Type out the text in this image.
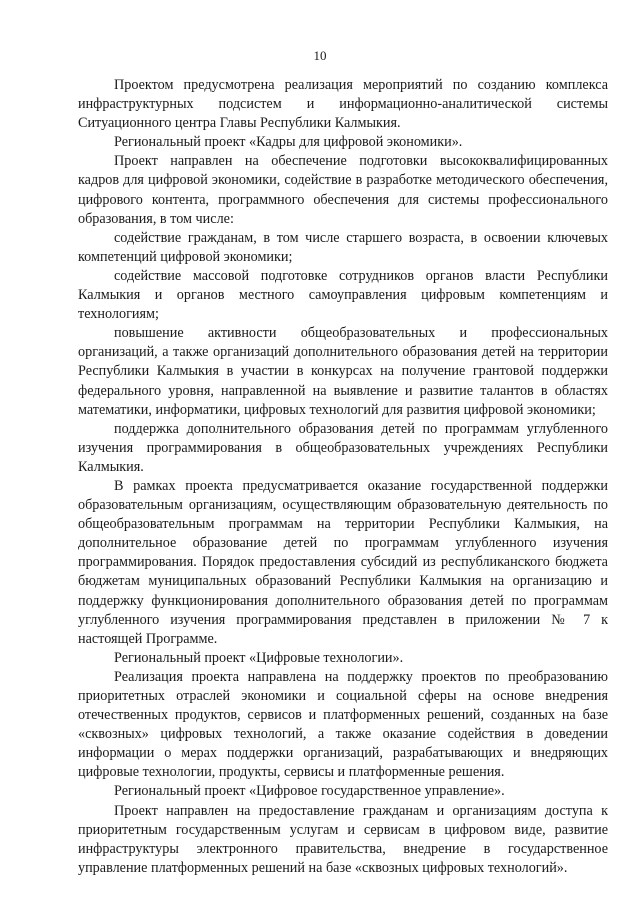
10

Проектом предусмотрена реализация мероприятий по созданию комплекса инфраструктурных подсистем и информационно-аналитической системы Ситуационного центра Главы Республики Калмыкия.

Региональный проект «Кадры для цифровой экономики».

Проект направлен на обеспечение подготовки высококвалифицированных кадров для цифровой экономики, содействие в разработке методического обеспечения, цифрового контента, программного обеспечения для системы профессионального образования, в том числе:

содействие гражданам, в том числе старшего возраста, в освоении ключевых компетенций цифровой экономики;

содействие массовой подготовке сотрудников органов власти Республики Калмыкия и органов местного самоуправления цифровым компетенциям и технологиям;

повышение активности общеобразовательных и профессиональных организаций, а также организаций дополнительного образования детей на территории Республики Калмыкия в участии в конкурсах на получение грантовой поддержки федерального уровня, направленной на выявление и развитие талантов в областях математики, информатики, цифровых технологий для развития цифровой экономики;

поддержка дополнительного образования детей по программам углубленного изучения программирования в общеобразовательных учреждениях Республики Калмыкия.

В рамках проекта предусматривается оказание государственной поддержки образовательным организациям, осуществляющим образовательную деятельность по общеобразовательным программам на территории Республики Калмыкия, на дополнительное образование детей по программам углубленного изучения программирования. Порядок предоставления субсидий из республиканского бюджета бюджетам муниципальных образований Республики Калмыкия на организацию и поддержку функционирования дополнительного образования детей по программам углубленного изучения программирования представлен в приложении № 7 к настоящей Программе.

Региональный проект «Цифровые технологии».

Реализация проекта направлена на поддержку проектов по преобразованию приоритетных отраслей экономики и социальной сферы на основе внедрения отечественных продуктов, сервисов и платформенных решений, созданных на базе «сквозных» цифровых технологий, а также оказание содействия в доведении информации о мерах поддержки организаций, разрабатывающих и внедряющих цифровые технологии, продукты, сервисы и платформенные решения.

Региональный проект «Цифровое государственное управление».

Проект направлен на предоставление гражданам и организациям доступа к приоритетным государственным услугам и сервисам в цифровом виде, развитие инфраструктуры электронного правительства, внедрение в государственное управление платформенных решений на базе «сквозных цифровых технологий».
